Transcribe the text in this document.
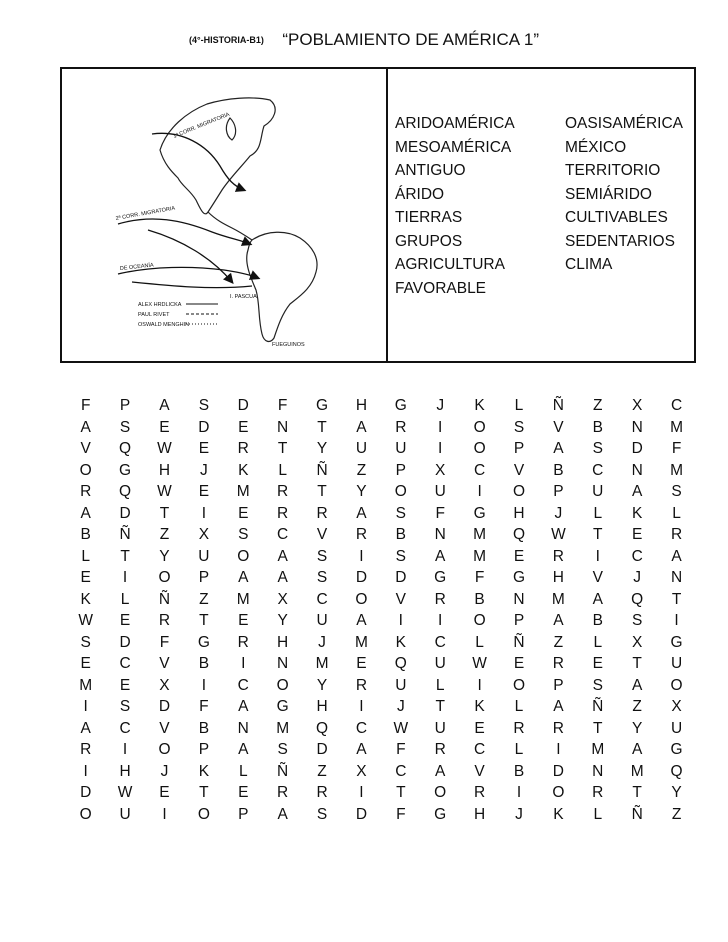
(4°-HISTORIA-B1) “POBLAMIENTO DE AMÉRICA 1”
1ª CORR. MIGRATORIA
2ª CORR. MIGRATORIA
DE OCEANÍA
I. PASCUA
FUEGUINOS
ALEX HRDLICKA
PAUL RIVET
OSWALD MENGHIN
ARIDOAMÉRICA	OASISAMÉRICA
MESOAMÉRICA	MÉXICO
ANTIGUO	TERRITORIO
ÁRIDO	SEMIÁRIDO
TIERRAS	CULTIVABLES
GRUPOS	SEDENTARIOS
AGRICULTURA	CLIMA
FAVORABLE
F	P	A	S	D	F	G	H	G	J	K	L	Ñ	Z	X	C
A	S	E	D	E	N	T	A	R	I	O	S	V	B	N	M
V	Q	W	E	R	T	Y	U	U	I	O	P	A	S	D	F
O	G	H	J	K	L	Ñ	Z	P	X	C	V	B	C	N	M
R	Q	W	E	M	R	T	Y	O	U	I	O	P	U	A	S
A	D	T	I	E	R	R	A	S	F	G	H	J	L	K	L
B	Ñ	Z	X	S	C	V	R	B	N	M	Q	W	T	E	R
L	T	Y	U	O	A	S	I	S	A	M	E	R	I	C	A
E	I	O	P	A	A	S	D	D	G	F	G	H	V	J	N
K	L	Ñ	Z	M	X	C	O	V	R	B	N	M	A	Q	T
W	E	R	T	E	Y	U	A	I	I	O	P	A	B	S	I
S	D	F	G	R	H	J	M	K	C	L	Ñ	Z	L	X	G
E	C	V	B	I	N	M	E	Q	U	W	E	R	E	T	U
M	E	X	I	C	O	Y	R	U	L	I	O	P	S	A	O
I	S	D	F	A	G	H	I	J	T	K	L	A	Ñ	Z	X
A	C	V	B	N	M	Q	C	W	U	E	R	R	T	Y	U
R	I	O	P	A	S	D	A	F	R	C	L	I	M	A	G
I	H	J	K	L	Ñ	Z	X	C	A	V	B	D	N	M	Q
D	W	E	T	E	R	R	I	T	O	R	I	O	R	T	Y
O	U	I	O	P	A	S	D	F	G	H	J	K	L	Ñ	Z
